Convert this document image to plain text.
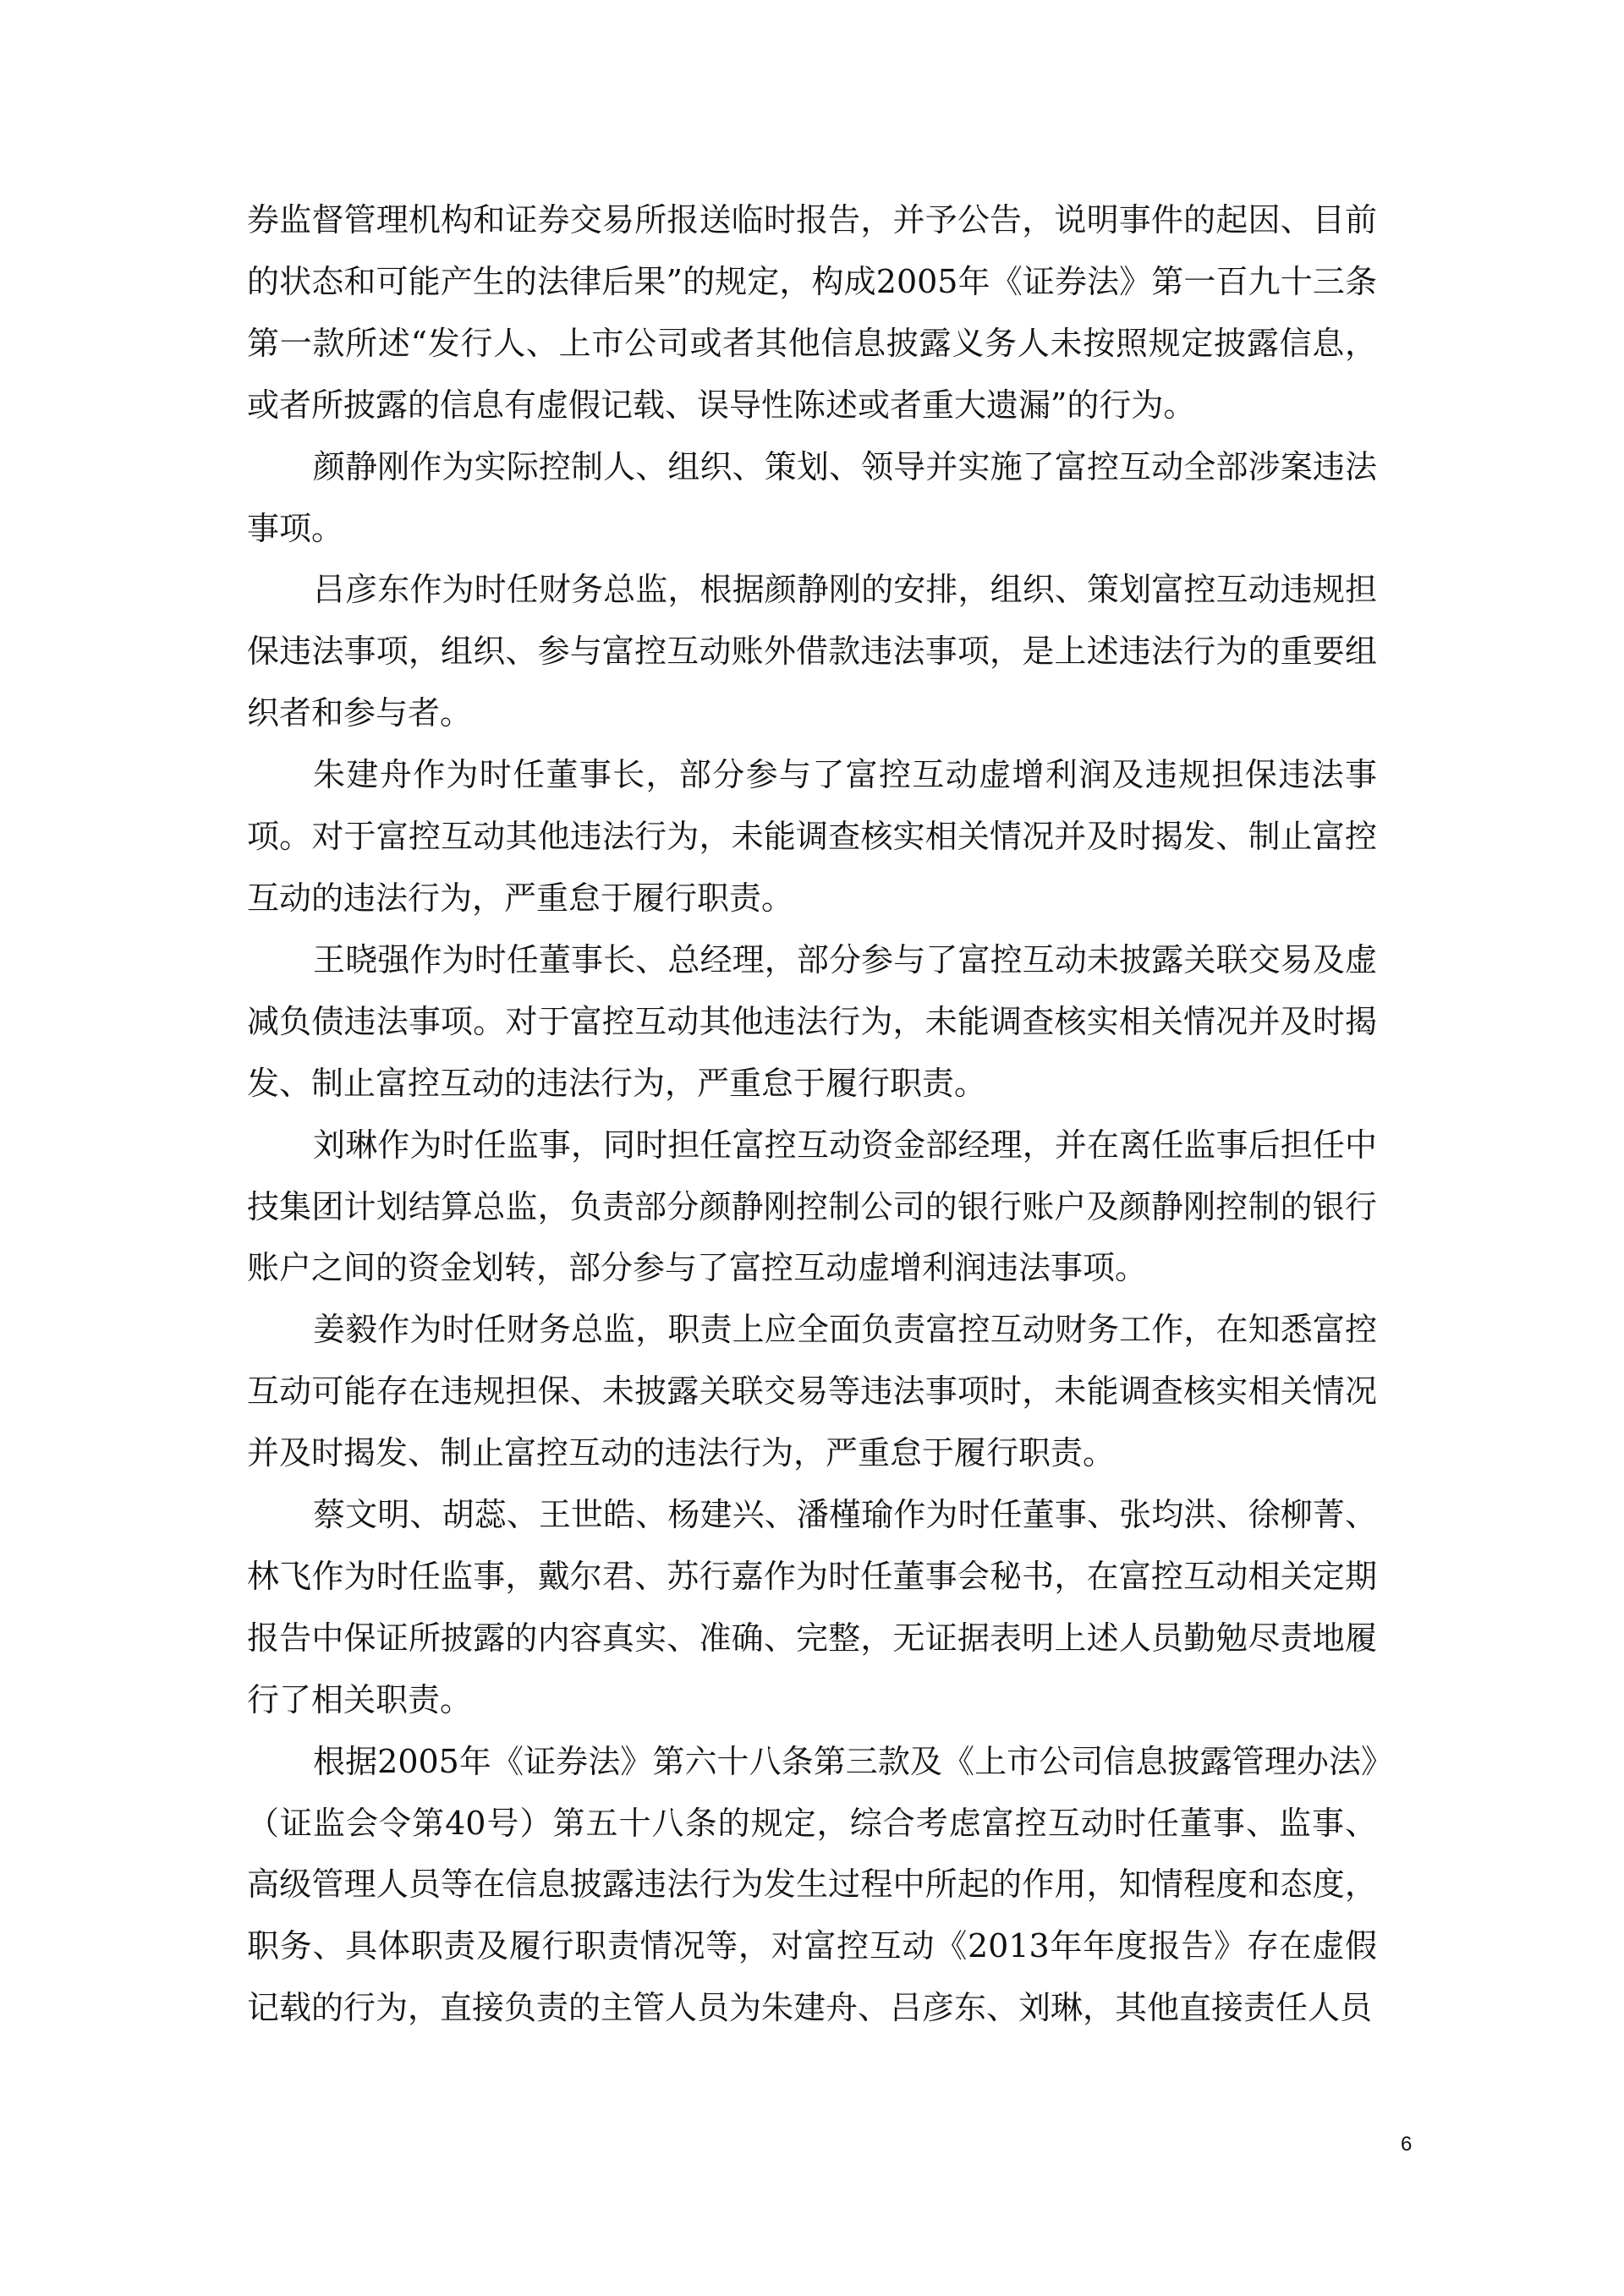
券监督管理机构和证券交易所报送临时报告，并予公告，说明事件的起因、目前的状态和可能产生的法律后果”的规定，构成2005年《证券法》第一百九十三条第一款所述“发行人、上市公司或者其他信息披露义务人未按照规定披露信息，或者所披露的信息有虚假记载、误导性陈述或者重大遗漏”的行为。

颜静刚作为实际控制人、组织、策划、领导并实施了富控互动全部涉案违法事项。

吕彦东作为时任财务总监，根据颜静刚的安排，组织、策划富控互动违规担保违法事项，组织、参与富控互动账外借款违法事项，是上述违法行为的重要组织者和参与者。

朱建舟作为时任董事长，部分参与了富控互动虚增利润及违规担保违法事项。对于富控互动其他违法行为，未能调查核实相关情况并及时揭发、制止富控互动的违法行为，严重怠于履行职责。

王晓强作为时任董事长、总经理，部分参与了富控互动未披露关联交易及虚减负债违法事项。对于富控互动其他违法行为，未能调查核实相关情况并及时揭发、制止富控互动的违法行为，严重怠于履行职责。

刘琳作为时任监事，同时担任富控互动资金部经理，并在离任监事后担任中技集团计划结算总监，负责部分颜静刚控制公司的银行账户及颜静刚控制的银行账户之间的资金划转，部分参与了富控互动虚增利润违法事项。

姜毅作为时任财务总监，职责上应全面负责富控互动财务工作，在知悉富控互动可能存在违规担保、未披露关联交易等违法事项时，未能调查核实相关情况并及时揭发、制止富控互动的违法行为，严重怠于履行职责。

蔡文明、胡蕊、王世皓、杨建兴、潘槿瑜作为时任董事、张均洪、徐柳菁、林飞作为时任监事，戴尔君、苏行嘉作为时任董事会秘书，在富控互动相关定期报告中保证所披露的内容真实、准确、完整，无证据表明上述人员勤勉尽责地履行了相关职责。

根据2005年《证券法》第六十八条第三款及《上市公司信息披露管理办法》（证监会令第40号）第五十八条的规定，综合考虑富控互动时任董事、监事、高级管理人员等在信息披露违法行为发生过程中所起的作用，知情程度和态度，职务、具体职责及履行职责情况等，对富控互动《2013年年度报告》存在虚假记载的行为，直接负责的主管人员为朱建舟、吕彦东、刘琳，其他直接责任人员

6
